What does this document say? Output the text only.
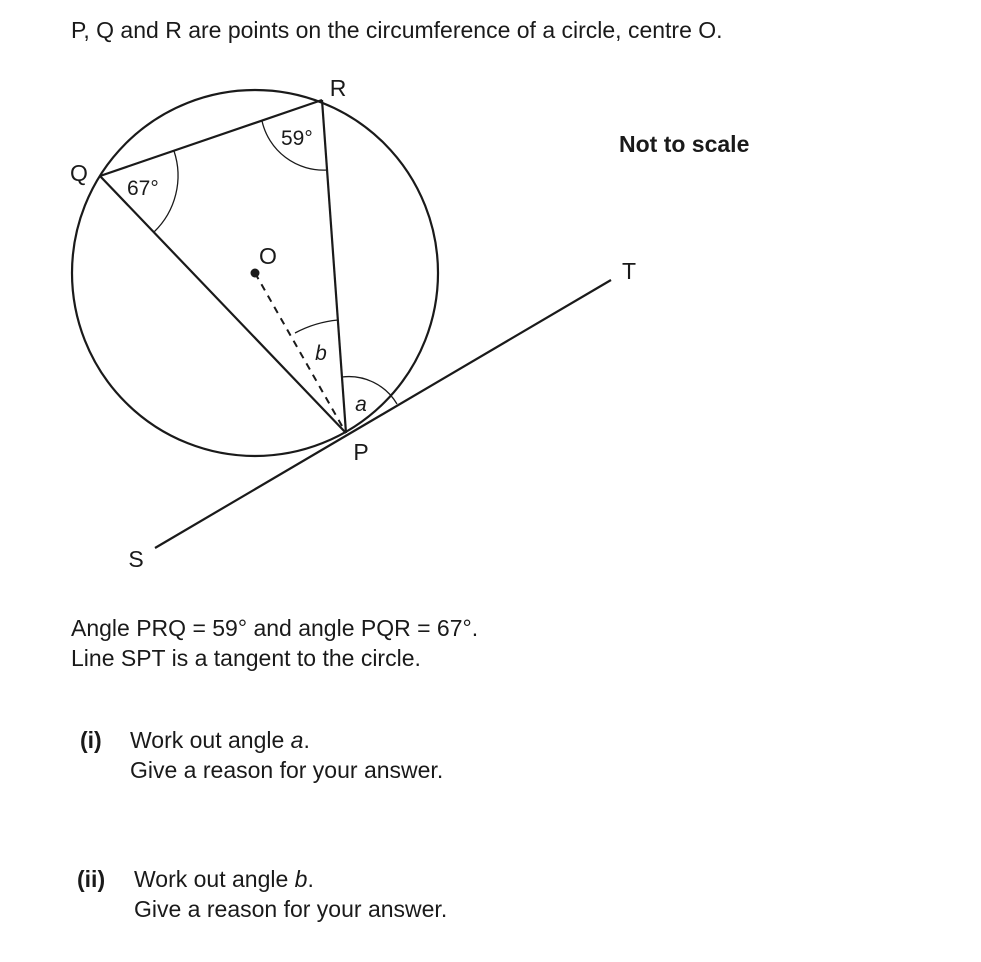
P, Q and R are points on the circumference of a circle, centre O.
Not to scale
R
Q
O
P
S
T
59°
67°
b
a
Angle PRQ = 59° and angle PQR = 67°.
Line SPT is a tangent to the circle.
(i) Work out angle a.
Give a reason for your answer.
(ii) Work out angle b.
Give a reason for your answer.
